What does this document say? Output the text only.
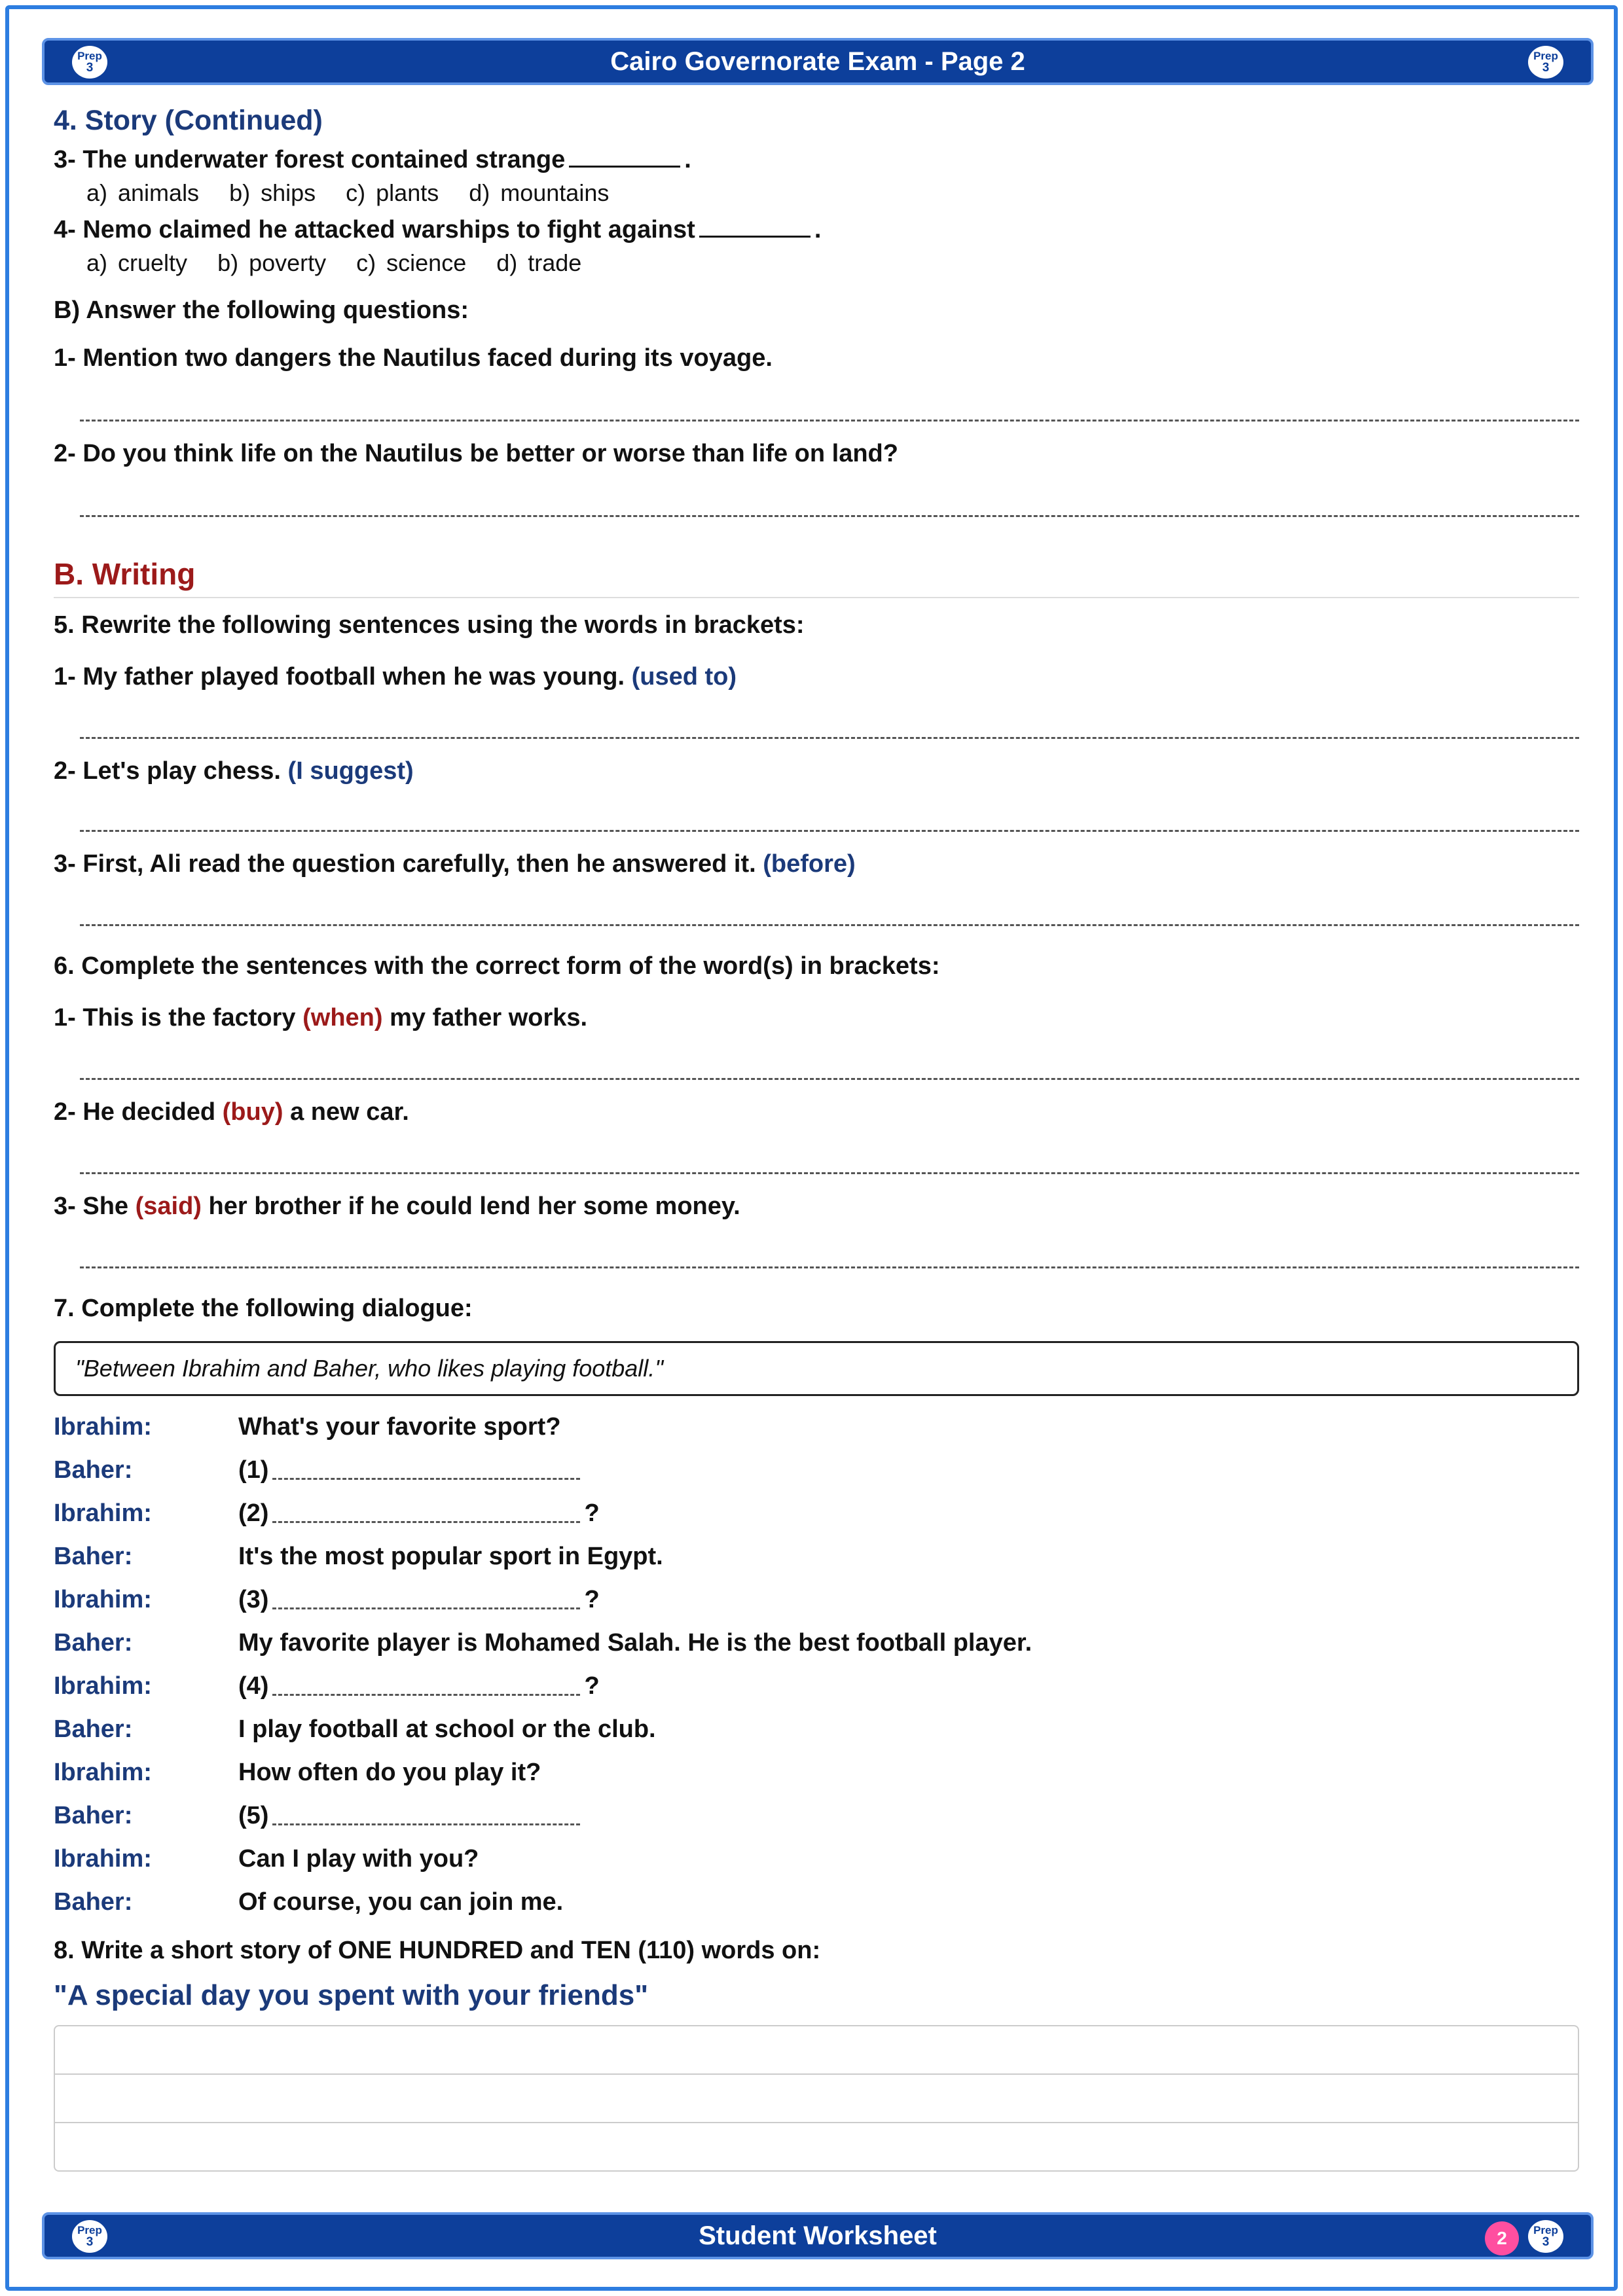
Prep
3	Cairo Governorate Exam - Page 2	Prep
3
4. Story (Continued)
3- The underwater forest contained strange	.
a) animals b) ships c) plants d) mountains
4- Nemo claimed he attacked warships to fight against	.
a) cruelty b) poverty c) science d) trade
B) Answer the following questions:
1- Mention two dangers the Nautilus faced during its voyage.
2- Do you think life on the Nautilus be better or worse than life on land?
B. Writing
5. Rewrite the following sentences using the words in brackets:
1- My father played football when he was young. (used to)
2- Let's play chess. (I suggest)
3- First, Ali read the question carefully, then he answered it. (before)
6. Complete the sentences with the correct form of the word(s) in brackets:
1- This is the factory (when) my father works.
2- He decided (buy) a new car.
3- She (said) her brother if he could lend her some money.
7. Complete the following dialogue:
"Between Ibrahim and Baher, who likes playing football."
Ibrahim:	What's your favorite sport?
Baher:	(1)
Ibrahim:	(2)	?
Baher:	It's the most popular sport in Egypt.
Ibrahim:	(3)	?
Baher:	My favorite player is Mohamed Salah. He is the best football player.
Ibrahim:	(4)	?
Baher:	I play football at school or the club.
Ibrahim:	How often do you play it?
Baher:	(5)
Ibrahim:	Can I play with you?
Baher:	Of course, you can join me.
8. Write a short story of ONE HUNDRED and TEN (110) words on:
"A special day you spent with your friends"
Prep
3	Student Worksheet	2	Prep
3
